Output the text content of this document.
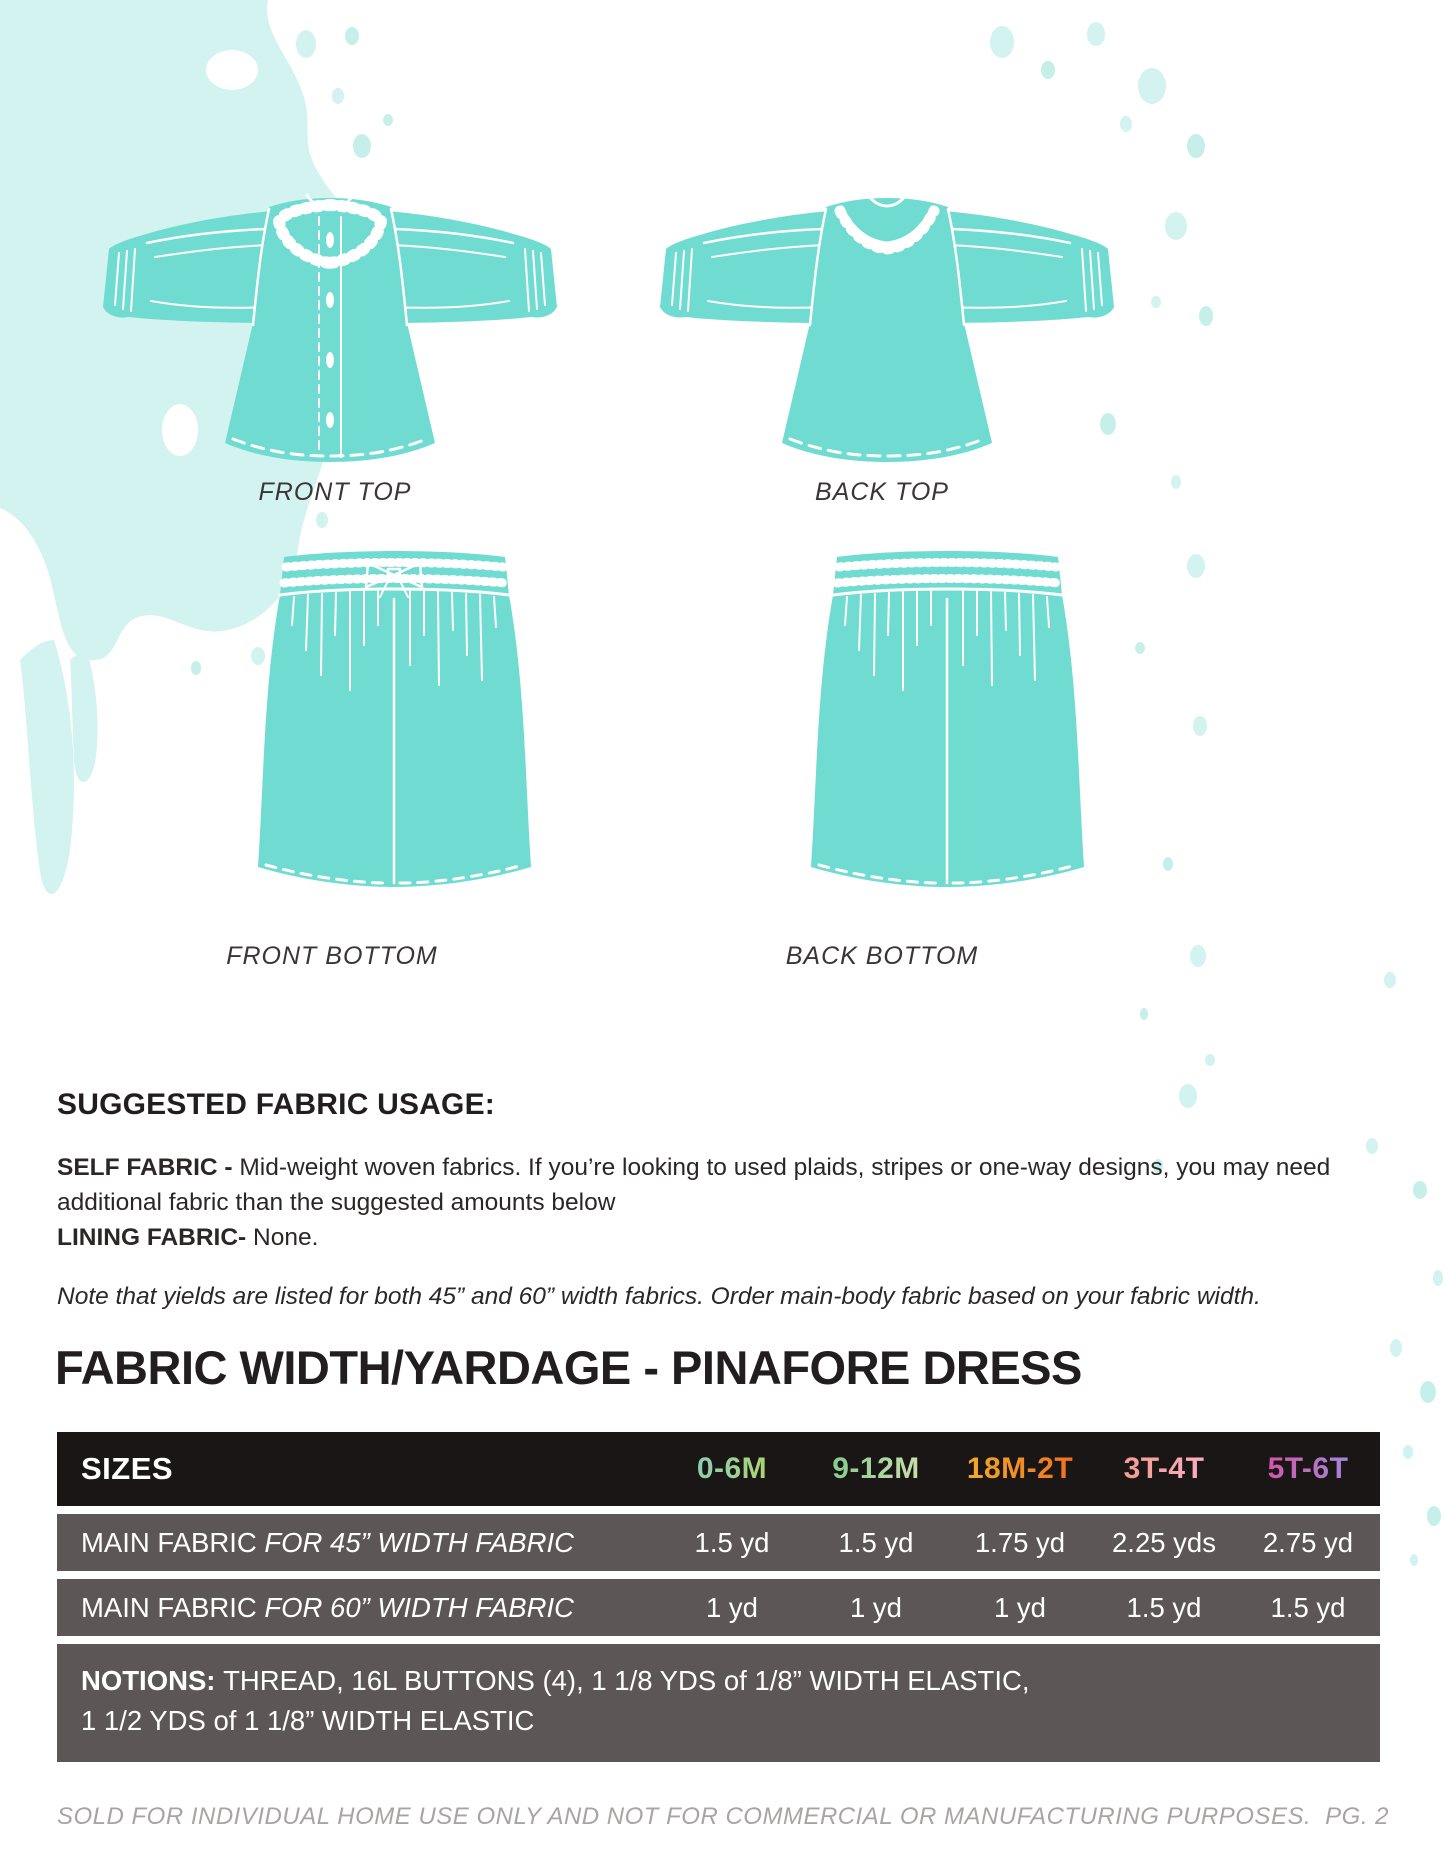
FRONT TOP	BACK TOP
FRONT BOTTOM	BACK BOTTOM
SUGGESTED FABRIC USAGE:
SELF FABRIC - Mid-weight woven fabrics. If you’re looking to used plaids, stripes or one-way designs, you may need additional fabric than the suggested amounts below
LINING FABRIC- None.
Note that yields are listed for both 45” and 60” width fabrics. Order main-body fabric based on your fabric width.
FABRIC WIDTH/YARDAGE - PINAFORE DRESS
SIZES	0-6M	9-12M	18M-2T	3T-4T	5T-6T
MAIN FABRIC FOR 45” WIDTH FABRIC	1.5 yd	1.5 yd	1.75 yd	2.25 yds	2.75 yd
MAIN FABRIC FOR 60” WIDTH FABRIC	1 yd	1 yd	1 yd	1.5 yd	1.5 yd
NOTIONS: THREAD, 16L BUTTONS (4), 1 1/8 YDS of 1/8” WIDTH ELASTIC,
1 1/2 YDS of 1 1/8” WIDTH ELASTIC
SOLD FOR INDIVIDUAL HOME USE ONLY AND NOT FOR COMMERCIAL OR MANUFACTURING PURPOSES. PG. 2
